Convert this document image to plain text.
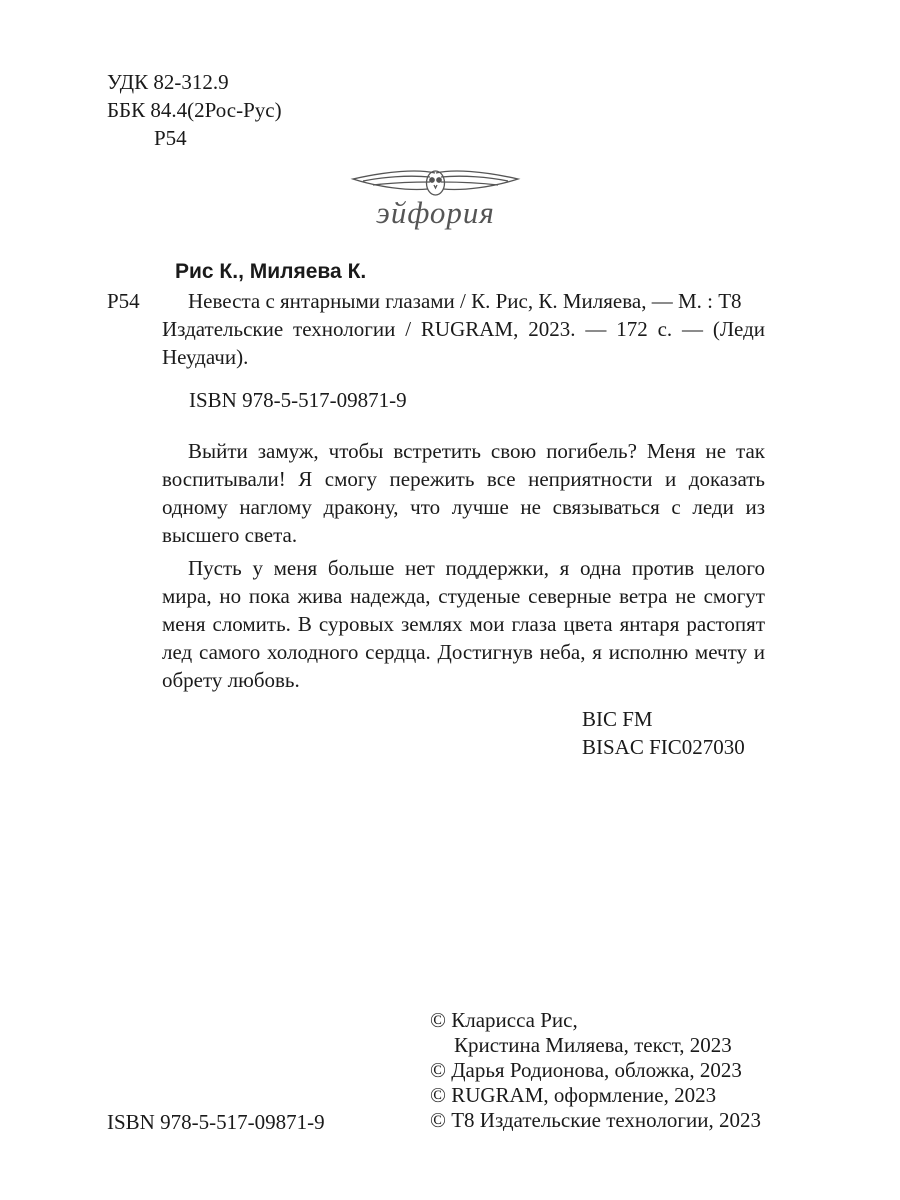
УДК 82-312.9
ББК 84.4(2Рос-Рус)
Р54
эйфория
Рис К., Миляева К.
Р54	Невеста с янтарными глазами / К. Рис, К. Миляева, — М. : Т8
Издательские технологии / RUGRAM, 2023. — 172 с. — (Леди
Неудачи).
ISBN 978-5-517-09871-9

Выйти замуж, чтобы встретить свою погибель? Меня не так воспитывали! Я смогу пережить все неприятности и доказать одному наглому дракону, что лучше не связываться с леди из высшего света.

Пусть у меня больше нет поддержки, я одна против целого мира, но пока жива надежда, студеные северные ветра не смогут меня сломить. В суровых землях мои глаза цвета янтаря растопят лед самого холодного сердца. Достигнув неба, я исполню мечту и обрету любовь.

BIC FM
BISAC FIC027030
ISBN 978-5-517-09871-9
© Кларисса Рис,
Кристина Миляева, текст, 2023
© Дарья Родионова, обложка, 2023
© RUGRAM, оформление, 2023
© Т8 Издательские технологии, 2023
